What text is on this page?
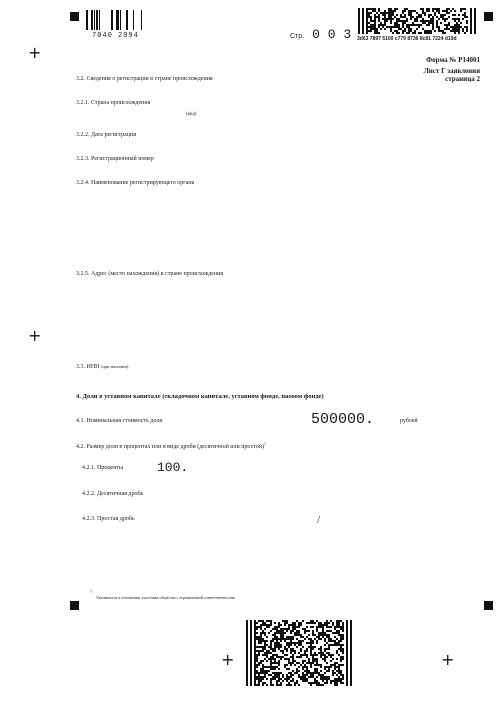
+
+
+	+
7040 2094	Стр. 0 0 3 3d63 7897 5100 c779 8736 8c81 7224 d19d
Форма № Р14001
Лист Г заявления
страница 2
3.2. Сведения о регистрации в стране происхождения
3.2.1. Страна происхождения
(код)
3.2.2. Дата регистрации
3.2.3. Регистрационный номер
3.2.4. Наименование регистрирующего органа
3.2.5. Адрес (место нахождения) в стране происхождения
3.3. ИНН (при наличии)
4. Доли в уставном капитале (складочном капитале, уставном фонде, паевом фонде)
4.1. Номинальная стоимость доли	500000.	рублей
4.2. Размер доли в процентах или в виде дроби (десятичной или простой)$^1$
4.2.1. Проценты	100.
4.2.2. Десятичная дробь
4.2.3. Простая дробь	/
$^1$ Указывается в отношении участника общества с ограниченной ответственностью
